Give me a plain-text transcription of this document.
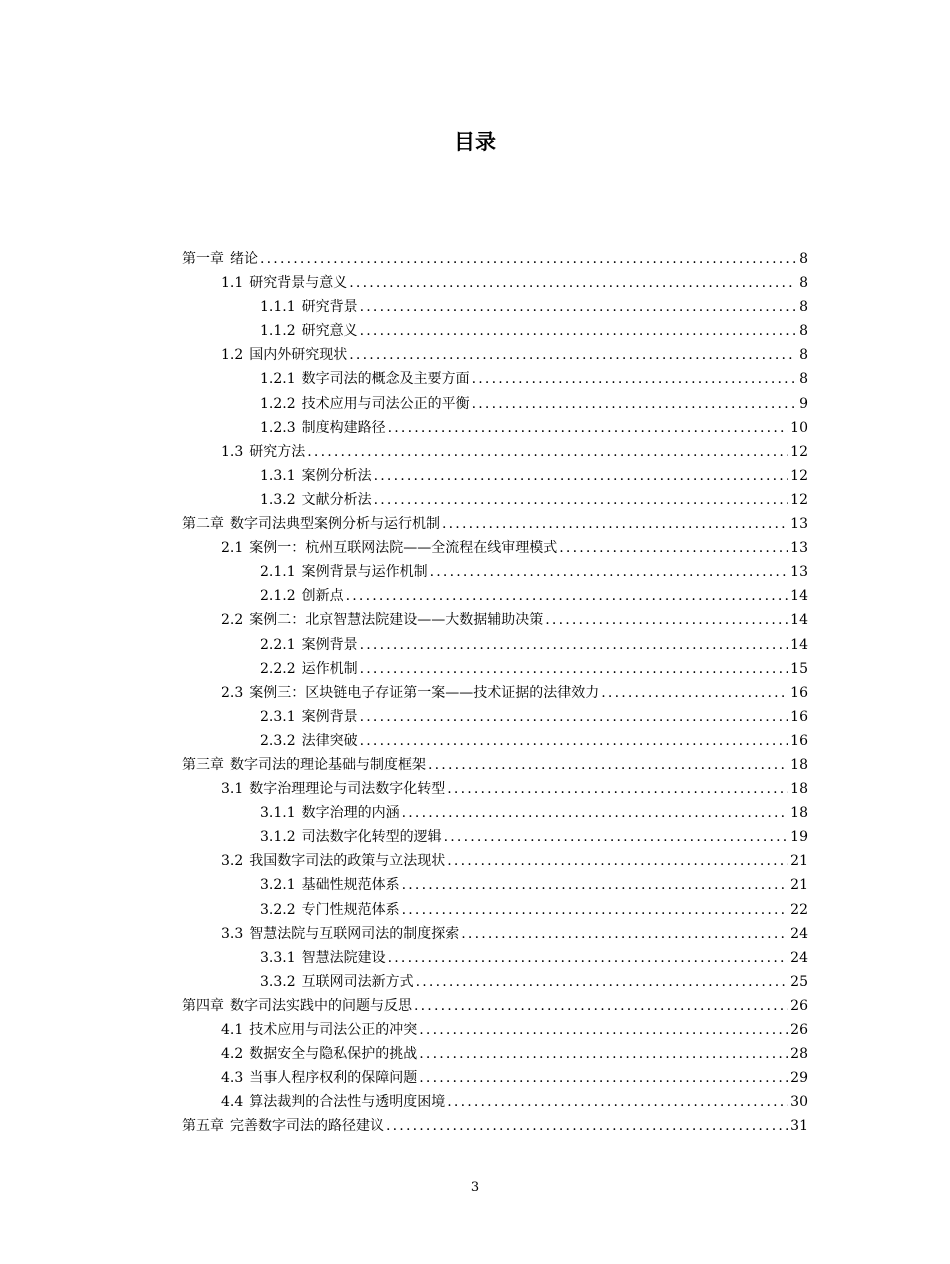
目录
第一章 绪论 .....	8
1.1 研究背景与意义 .....	8
1.1.1 研究背景 .....	8
1.1.2 研究意义 .....	8
1.2 国内外研究现状 .....	8
1.2.1 数字司法的概念及主要方面 .....	8
1.2.2 技术应用与司法公正的平衡 .....	9
1.2.3 制度构建路径 .....	10
1.3 研究方法 .....	12
1.3.1 案例分析法 .....	12
1.3.2 文献分析法 .....	12
第二章 数字司法典型案例分析与运行机制 .....	13
2.1 案例一：杭州互联网法院——全流程在线审理模式 .....	13
2.1.1 案例背景与运作机制 .....	13
2.1.2 创新点 .....	14
2.2 案例二：北京智慧法院建设——大数据辅助决策 .....	14
2.2.1 案例背景 .....	14
2.2.2 运作机制 .....	15
2.3 案例三：区块链电子存证第一案——技术证据的法律效力 .....	16
2.3.1 案例背景 .....	16
2.3.2 法律突破 .....	16
第三章 数字司法的理论基础与制度框架 .....	18
3.1 数字治理理论与司法数字化转型 .....	18
3.1.1 数字治理的内涵 .....	18
3.1.2 司法数字化转型的逻辑 .....	19
3.2 我国数字司法的政策与立法现状 .....	21
3.2.1 基础性规范体系 .....	21
3.2.2 专门性规范体系 .....	22
3.3 智慧法院与互联网司法的制度探索 .....	24
3.3.1 智慧法院建设 .....	24
3.3.2 互联网司法新方式 .....	25
第四章 数字司法实践中的问题与反思 .....	26
4.1 技术应用与司法公正的冲突 .....	26
4.2 数据安全与隐私保护的挑战 .....	28
4.3 当事人程序权利的保障问题 .....	29
4.4 算法裁判的合法性与透明度困境 .....	30
第五章 完善数字司法的路径建议 .....	31
3
